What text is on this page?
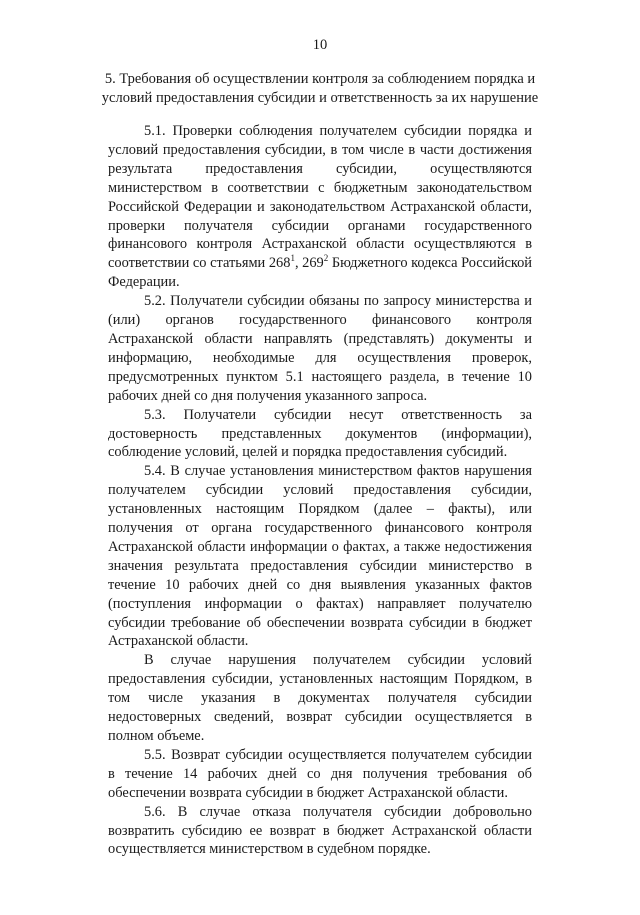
10
5. Требования об осуществлении контроля за соблюдением порядка и
условий предоставления субсидии и ответственность за их нарушение

5.1. Проверки соблюдения получателем субсидии порядка и условий предоставления субсидии, в том числе в части достижения результата предоставления субсидии, осуществляются министерством в соответствии с бюджетным законодательством Российской Федерации и законодательством Астраханской области, проверки получателя субсидии органами государственного финансового контроля Астраханской области осуществляются в соответствии со статьями $268^1$, $269^2$ Бюджетного кодекса Российской Федерации.

5.2. Получатели субсидии обязаны по запросу министерства и (или) органов государственного финансового контроля Астраханской области направлять (представлять) документы и информацию, необходимые для осуществления проверок, предусмотренных пунктом 5.1 настоящего раздела, в течение 10 рабочих дней со дня получения указанного запроса.

5.3. Получатели субсидии несут ответственность за достоверность представленных документов (информации), соблюдение условий, целей и порядка предоставления субсидий.

5.4. В случае установления министерством фактов нарушения получателем субсидии условий предоставления субсидии, установленных настоящим Порядком (далее – факты), или получения от органа государственного финансового контроля Астраханской области информации о фактах, а также недостижения значения результата предоставления субсидии министерство в течение 10 рабочих дней со дня выявления указанных фактов (поступления информации о фактах) направляет получателю субсидии требование об обеспечении возврата субсидии в бюджет Астраханской области.

В случае нарушения получателем субсидии условий предоставления субсидии, установленных настоящим Порядком, в том числе указания в документах получателя субсидии недостоверных сведений, возврат субсидии осуществляется в полном объеме.

5.5. Возврат субсидии осуществляется получателем субсидии в течение 14 рабочих дней со дня получения требования об обеспечении возврата субсидии в бюджет Астраханской области.

5.6. В случае отказа получателя субсидии добровольно возвратить субсидию ее возврат в бюджет Астраханской области осуществляется министерством в судебном порядке.
